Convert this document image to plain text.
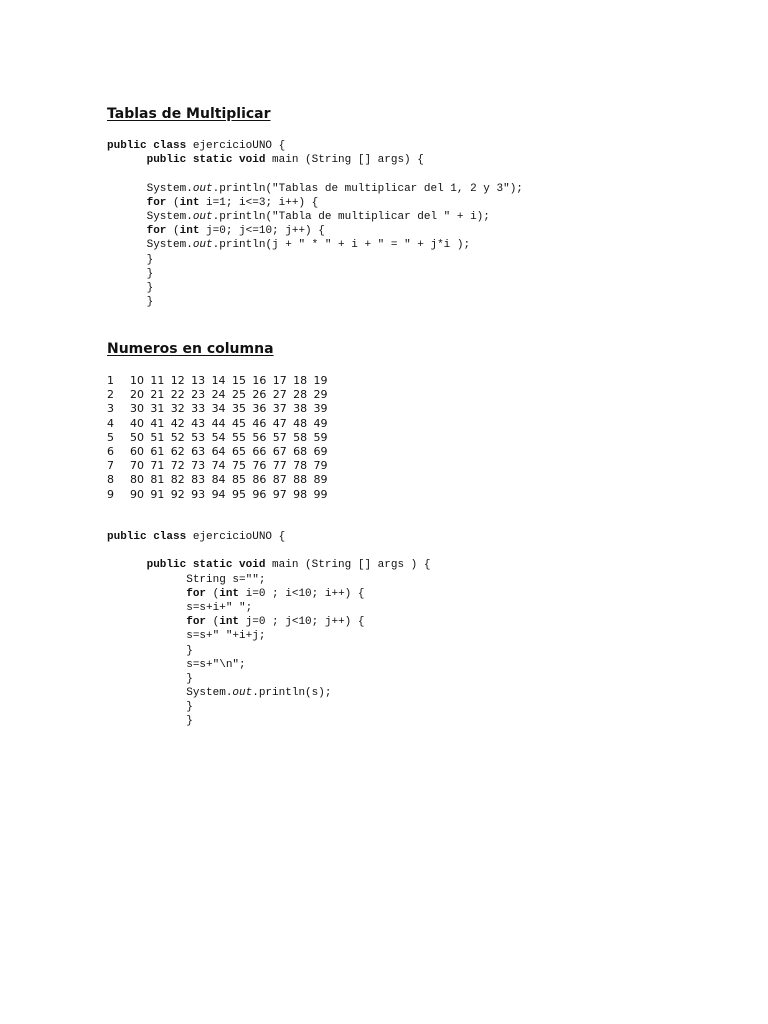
Tablas de Multiplicar
public class ejercicioUNO {
public static void main (String [] args) {
System.out.println("Tablas de multiplicar del 1, 2 y 3");
for (int i=1; i<=3; i++) {
System.out.println("Tabla de multiplicar del " + i);
for (int j=0; j<=10; j++) {
System.out.println(j + " * " + i + " = " + j*i );
}
}
}
}
Numeros en columna
1 10 11 12 13 14 15 16 17 18 19
2 20 21 22 23 24 25 26 27 28 29
3 30 31 32 33 34 35 36 37 38 39
4 40 41 42 43 44 45 46 47 48 49
5 50 51 52 53 54 55 56 57 58 59
6 60 61 62 63 64 65 66 67 68 69
7 70 71 72 73 74 75 76 77 78 79
8 80 81 82 83 84 85 86 87 88 89
9 90 91 92 93 94 95 96 97 98 99
public class ejercicioUNO {
public static void main (String [] args ) {
String s="";
for (int i=0 ; i<10; i++) {
s=s+i+" ";
for (int j=0 ; j<10; j++) {
s=s+" "+i+j;
}
s=s+"\n";
}
System.out.println(s);
}
}
